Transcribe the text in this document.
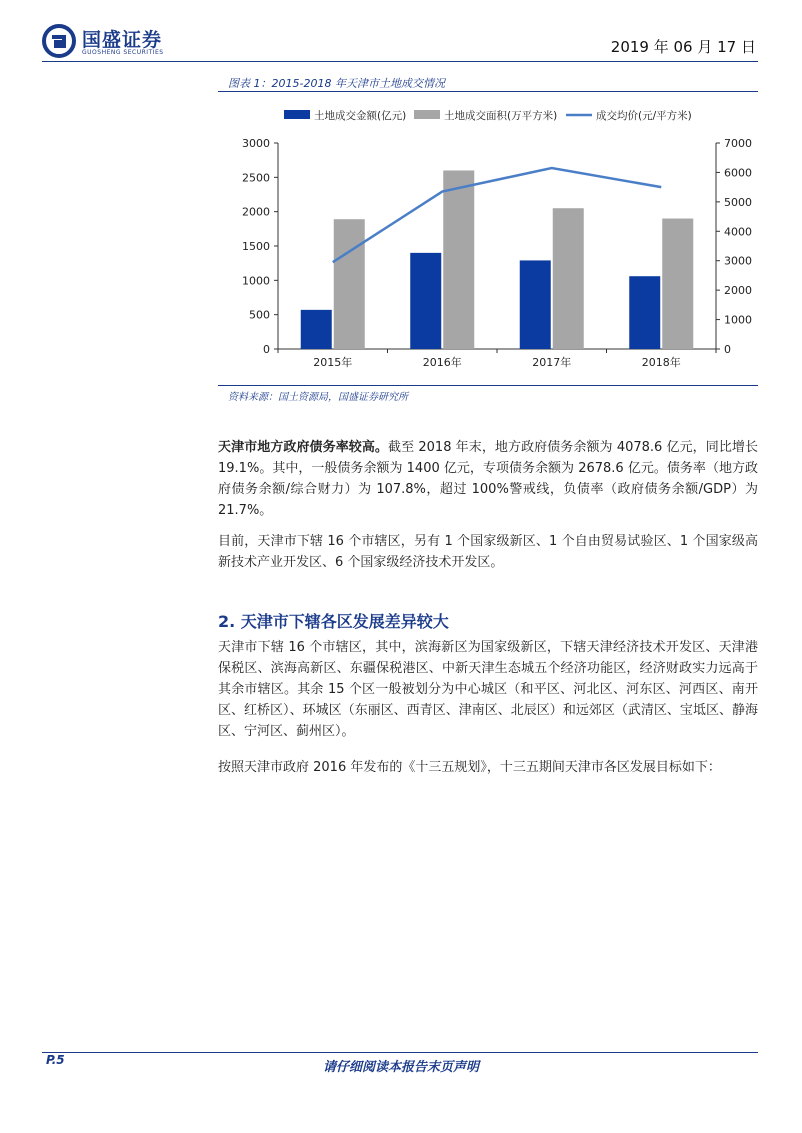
国盛证券
GUOSHENG SECURITIES	2019 年 06 月 17 日
图表 1：2015-2018 年天津市土地成交情况
土地成交金额(亿元)	土地成交面积(万平方米)	成交均价(元/平方米)
0
500
1000
1500
2000
2500
3000
0
1000
2000
3000
4000
5000
6000
7000
2015年	2016年	2017年	2018年
资料来源：国土资源局，国盛证券研究所

天津市地方政府债务率较高。截至 2018 年末，地方政府债务余额为 4078.6 亿元，同比增长 19.1%。其中，一般债务余额为 1400 亿元，专项债务余额为 2678.6 亿元。债务率（地方政府债务余额/综合财力）为 107.8%，超过 100%警戒线，负债率（政府债务余额/GDP）为 21.7%。

目前，天津市下辖 16 个市辖区，另有 1 个国家级新区、1 个自由贸易试验区、1 个国家级高新技术产业开发区、6 个国家级经济技术开发区。

2. 天津市下辖各区发展差异较大

天津市下辖 16 个市辖区，其中，滨海新区为国家级新区，下辖天津经济技术开发区、天津港保税区、滨海高新区、东疆保税港区、中新天津生态城五个经济功能区，经济财政实力远高于其余市辖区。其余 15 个区一般被划分为中心城区（和平区、河北区、河东区、河西区、南开区、红桥区）、环城区（东丽区、西青区、津南区、北辰区）和远郊区（武清区、宝坻区、静海区、宁河区、蓟州区）。

按照天津市政府 2016 年发布的《十三五规划》，十三五期间天津市各区发展目标如下：

P.5	请仔细阅读本报告末页声明
